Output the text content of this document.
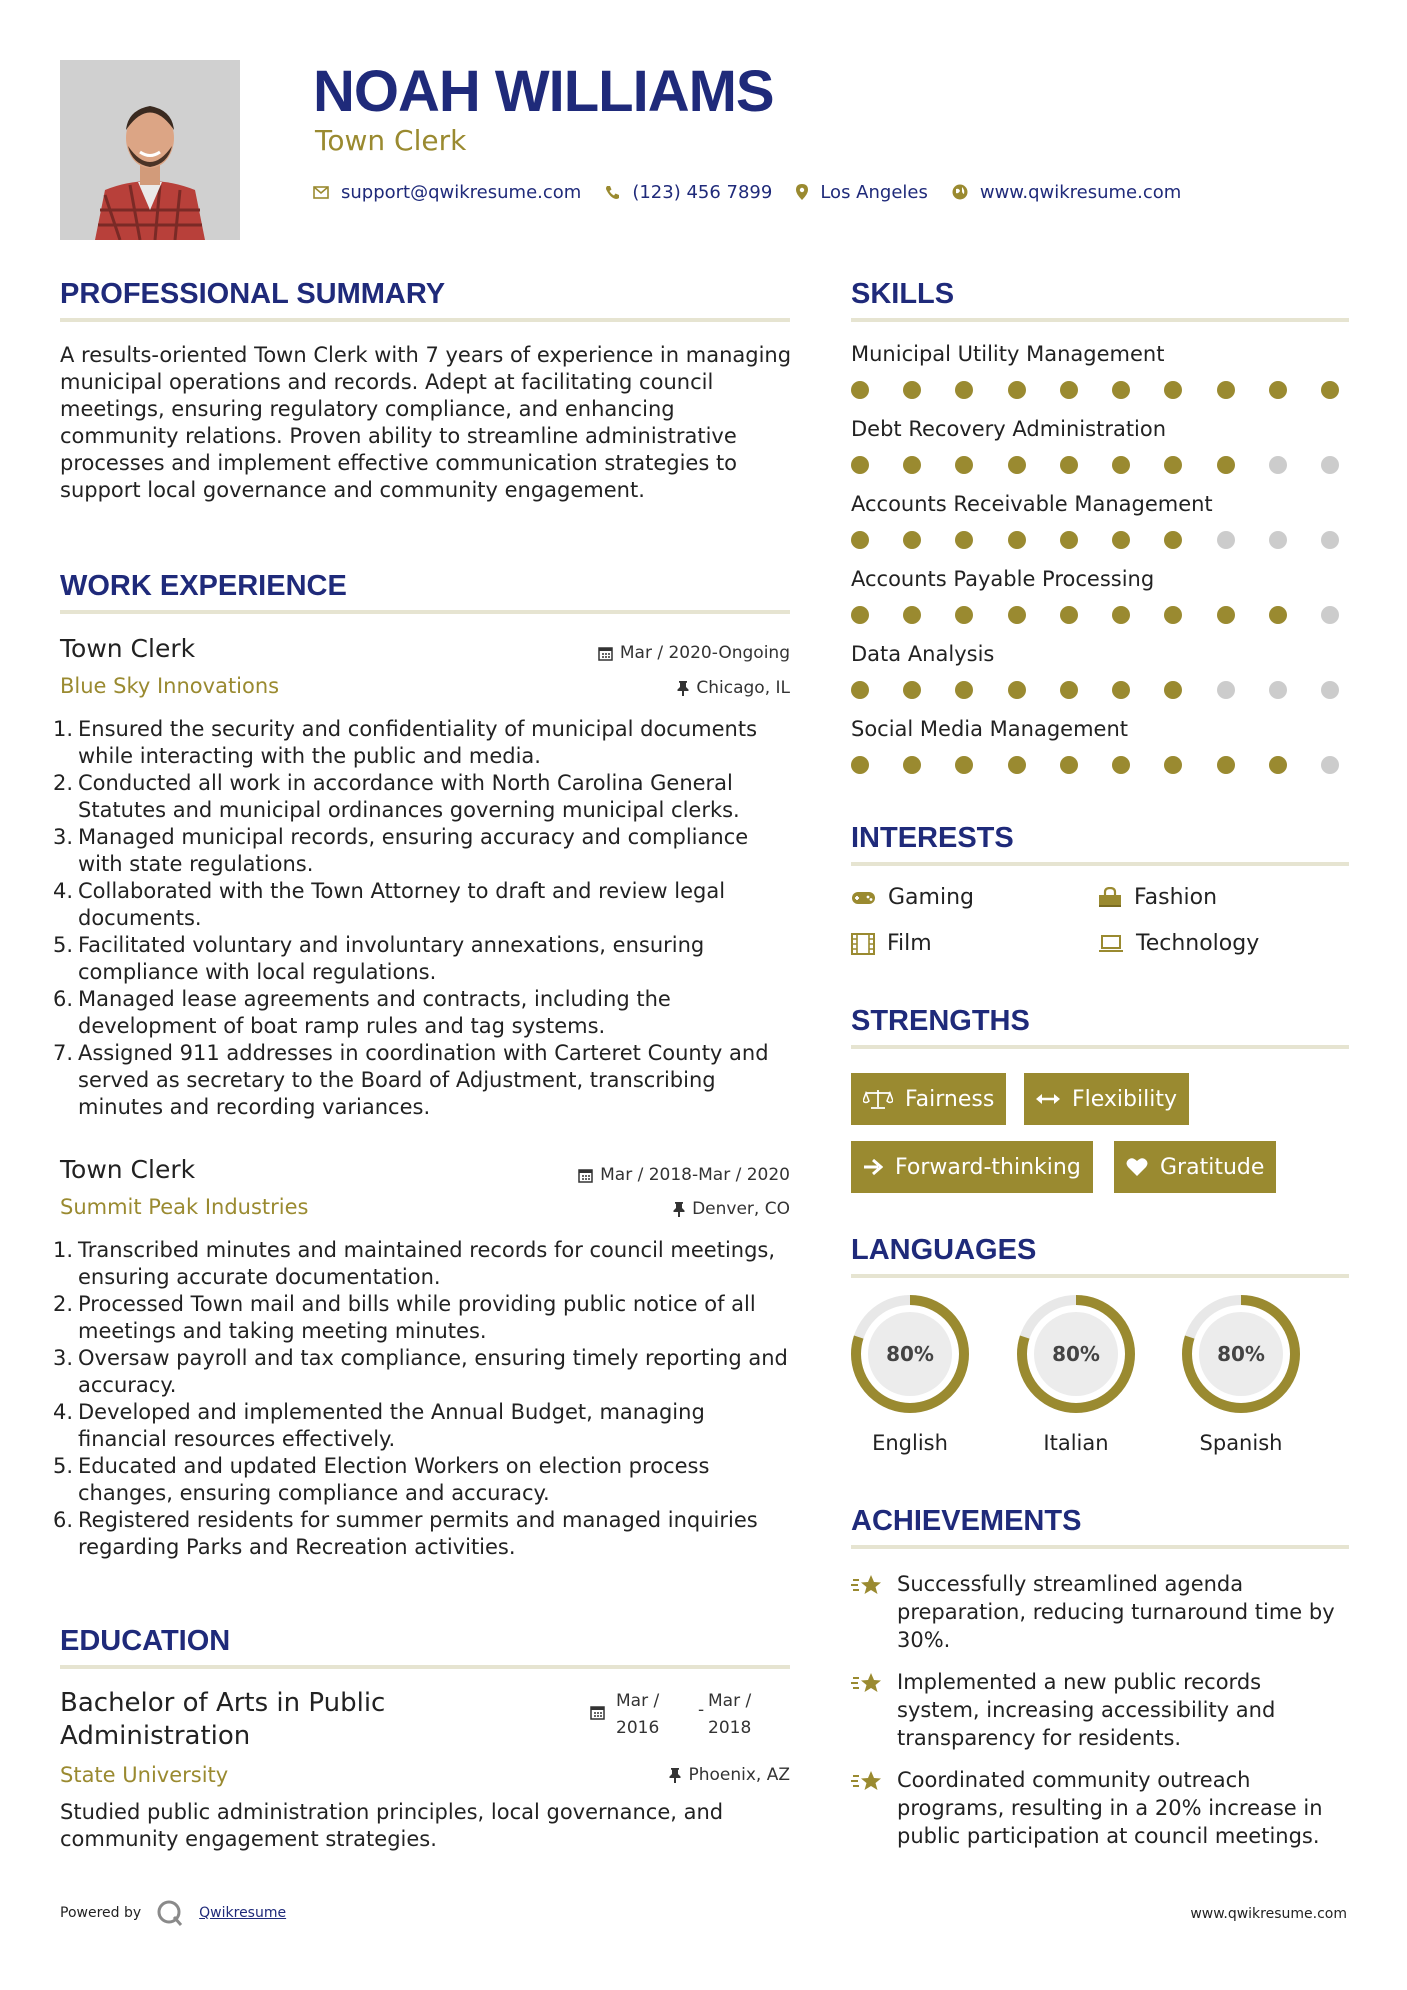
NOAH WILLIAMS
Town Clerk
support@qwikresume.com	(123) 456 7899	Los Angeles	www.qwikresume.com
PROFESSIONAL SUMMARY
A results-oriented Town Clerk with 7 years of experience in managing municipal operations and records. Adept at facilitating council meetings, ensuring regulatory compliance, and enhancing community relations. Proven ability to streamline administrative processes and implement effective communication strategies to support local governance and community engagement.
WORK EXPERIENCE
Town Clerk	Mar / 2020-Ongoing
Blue Sky Innovations	Chicago, IL
1. Ensured the security and confidentiality of municipal documents while interacting with the public and media.
2. Conducted all work in accordance with North Carolina General Statutes and municipal ordinances governing municipal clerks.
3. Managed municipal records, ensuring accuracy and compliance with state regulations.
4. Collaborated with the Town Attorney to draft and review legal documents.
5. Facilitated voluntary and involuntary annexations, ensuring compliance with local regulations.
6. Managed lease agreements and contracts, including the development of boat ramp rules and tag systems.
7. Assigned 911 addresses in coordination with Carteret County and served as secretary to the Board of Adjustment, transcribing minutes and recording variances.
Town Clerk	Mar / 2018-Mar / 2020
Summit Peak Industries	Denver, CO
1. Transcribed minutes and maintained records for council meetings, ensuring accurate documentation.
2. Processed Town mail and bills while providing public notice of all meetings and taking meeting minutes.
3. Oversaw payroll and tax compliance, ensuring timely reporting and accuracy.
4. Developed and implemented the Annual Budget, managing financial resources effectively.
5. Educated and updated Election Workers on election process changes, ensuring compliance and accuracy.
6. Registered residents for summer permits and managed inquiries regarding Parks and Recreation activities.
EDUCATION
Bachelor of Arts in Public Administration
Mar / 2016
- Mar / 2018
State University	Phoenix, AZ
Studied public administration principles, local governance, and community engagement strategies.
SKILLS
Municipal Utility Management
Debt Recovery Administration
Accounts Receivable Management
Accounts Payable Processing
Data Analysis
Social Media Management
INTERESTS
Gaming	Fashion
Film	Technology
STRENGTHS
Fairness	Flexibility
Forward-thinking	Gratitude
LANGUAGES
80%
English
80%
Italian
80%
Spanish
ACHIEVEMENTS
Successfully streamlined agenda preparation, reducing turnaround time by 30%.
Implemented a new public records system, increasing accessibility and transparency for residents.
Coordinated community outreach programs, resulting in a 20% increase in public participation at council meetings.
Powered by	Qwikresume	www.qwikresume.com
